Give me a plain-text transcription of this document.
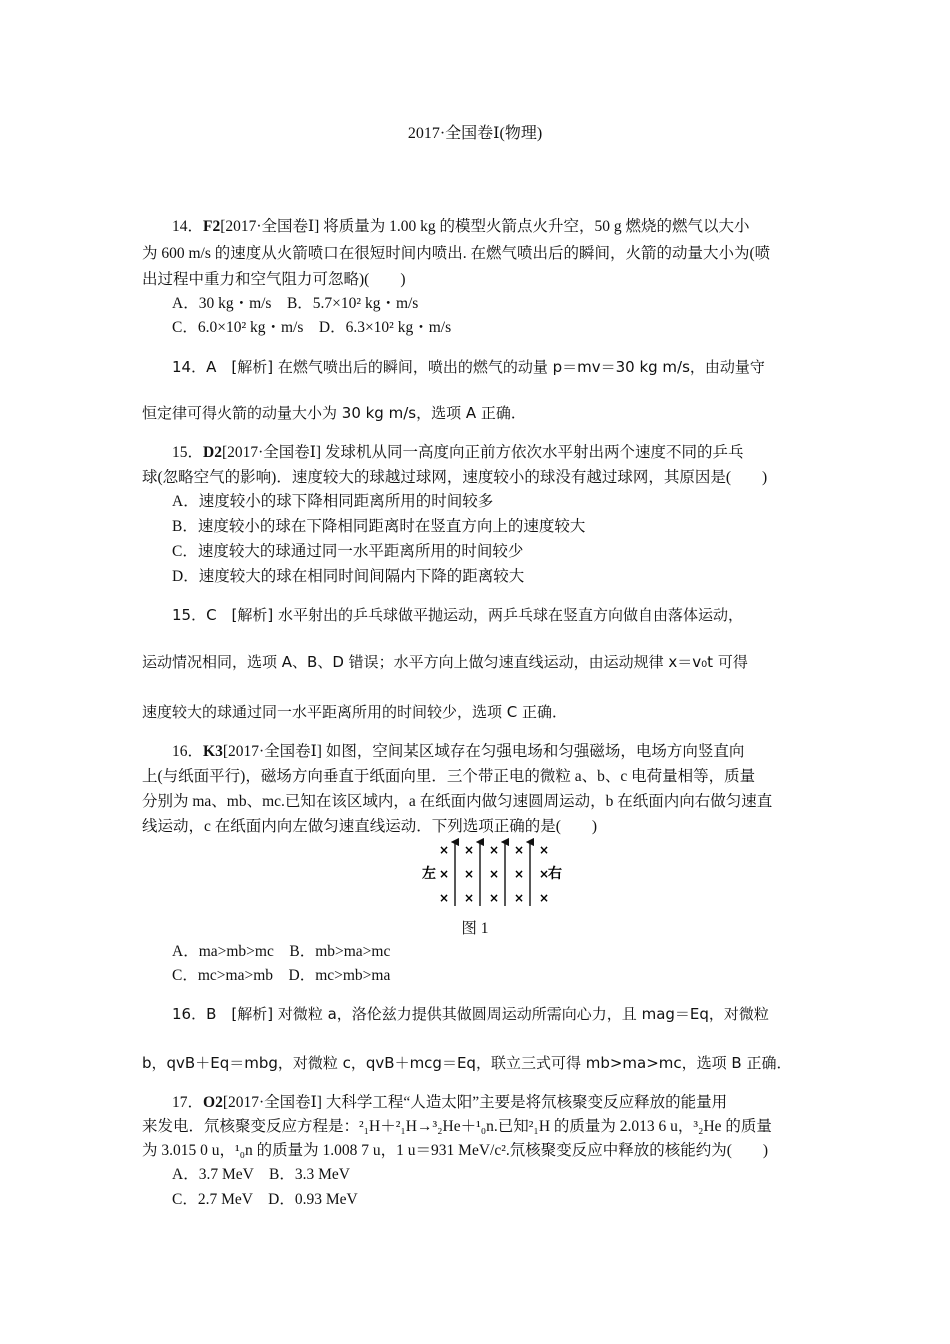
2017·全国卷Ⅰ(物理)
14．F2[2017·全国卷Ⅰ] 将质量为 1.00 kg 的模型火箭点火升空，50 g 燃烧的燃气以大小
为 600 m/s 的速度从火箭喷口在很短时间内喷出. 在燃气喷出后的瞬间，火箭的动量大小为(喷
出过程中重力和空气阻力可忽略)(　　)
A．30 kg・m/s　B．5.7×10² kg・m/s
C．6.0×10² kg・m/s　D．6.3×10² kg・m/s
14．A　[解析] 在燃气喷出后的瞬间，喷出的燃气的动量 p＝mv＝30 kg m/s，由动量守
恒定律可得火箭的动量大小为 30 kg m/s，选项 A 正确．
15．D2[2017·全国卷Ⅰ] 发球机从同一高度向正前方依次水平射出两个速度不同的乒乓
球(忽略空气的影响)．速度较大的球越过球网，速度较小的球没有越过球网，其原因是(　　)
A．速度较小的球下降相同距离所用的时间较多
B．速度较小的球在下降相同距离时在竖直方向上的速度较大
C．速度较大的球通过同一水平距离所用的时间较少
D．速度较大的球在相同时间间隔内下降的距离较大
15．C　[解析] 水平射出的乒乓球做平抛运动，两乒乓球在竖直方向做自由落体运动，
运动情况相同，选项 A、B、D 错误；水平方向上做匀速直线运动，由运动规律 x＝v₀t 可得
速度较大的球通过同一水平距离所用的时间较少，选项 C 正确．
16．K3[2017·全国卷Ⅰ] 如图，空间某区域存在匀强电场和匀强磁场，电场方向竖直向
上(与纸面平行)，磁场方向垂直于纸面向里．三个带正电的微粒 a、b、c 电荷量相等，质量
分别为 ma、mb、mc.已知在该区域内，a 在纸面内做匀速圆周运动，b 在纸面内向右做匀速直
线运动，c 在纸面内向左做匀速直线运动．下列选项正确的是(　　)
左	右
×
×
×
×
×
×
×
×
×
×
×
×
×
×
×
图 1
A．ma>mb>mc　B．mb>ma>mc
C．mc>ma>mb　D．mc>mb>ma
16．B　[解析] 对微粒 a，洛伦兹力提供其做圆周运动所需向心力，且 mag＝Eq，对微粒
b，qvB＋Eq＝mbg，对微粒 c，qvB＋mcg＝Eq，联立三式可得 mb>ma>mc，选项 B 正确．
17．O2[2017·全国卷Ⅰ] 大科学工程“人造太阳”主要是将氘核聚变反应释放的能量用
来发电．氘核聚变反应方程是：²₁H＋²₁H→³₂He＋¹₀n.已知²₁H 的质量为 2.013 6 u，³₂He 的质量
为 3.015 0 u，¹₀n 的质量为 1.008 7 u，1 u＝931 MeV/c².氘核聚变反应中释放的核能约为(　　)
A．3.7 MeV　B．3.3 MeV
C．2.7 MeV　D．0.93 MeV
